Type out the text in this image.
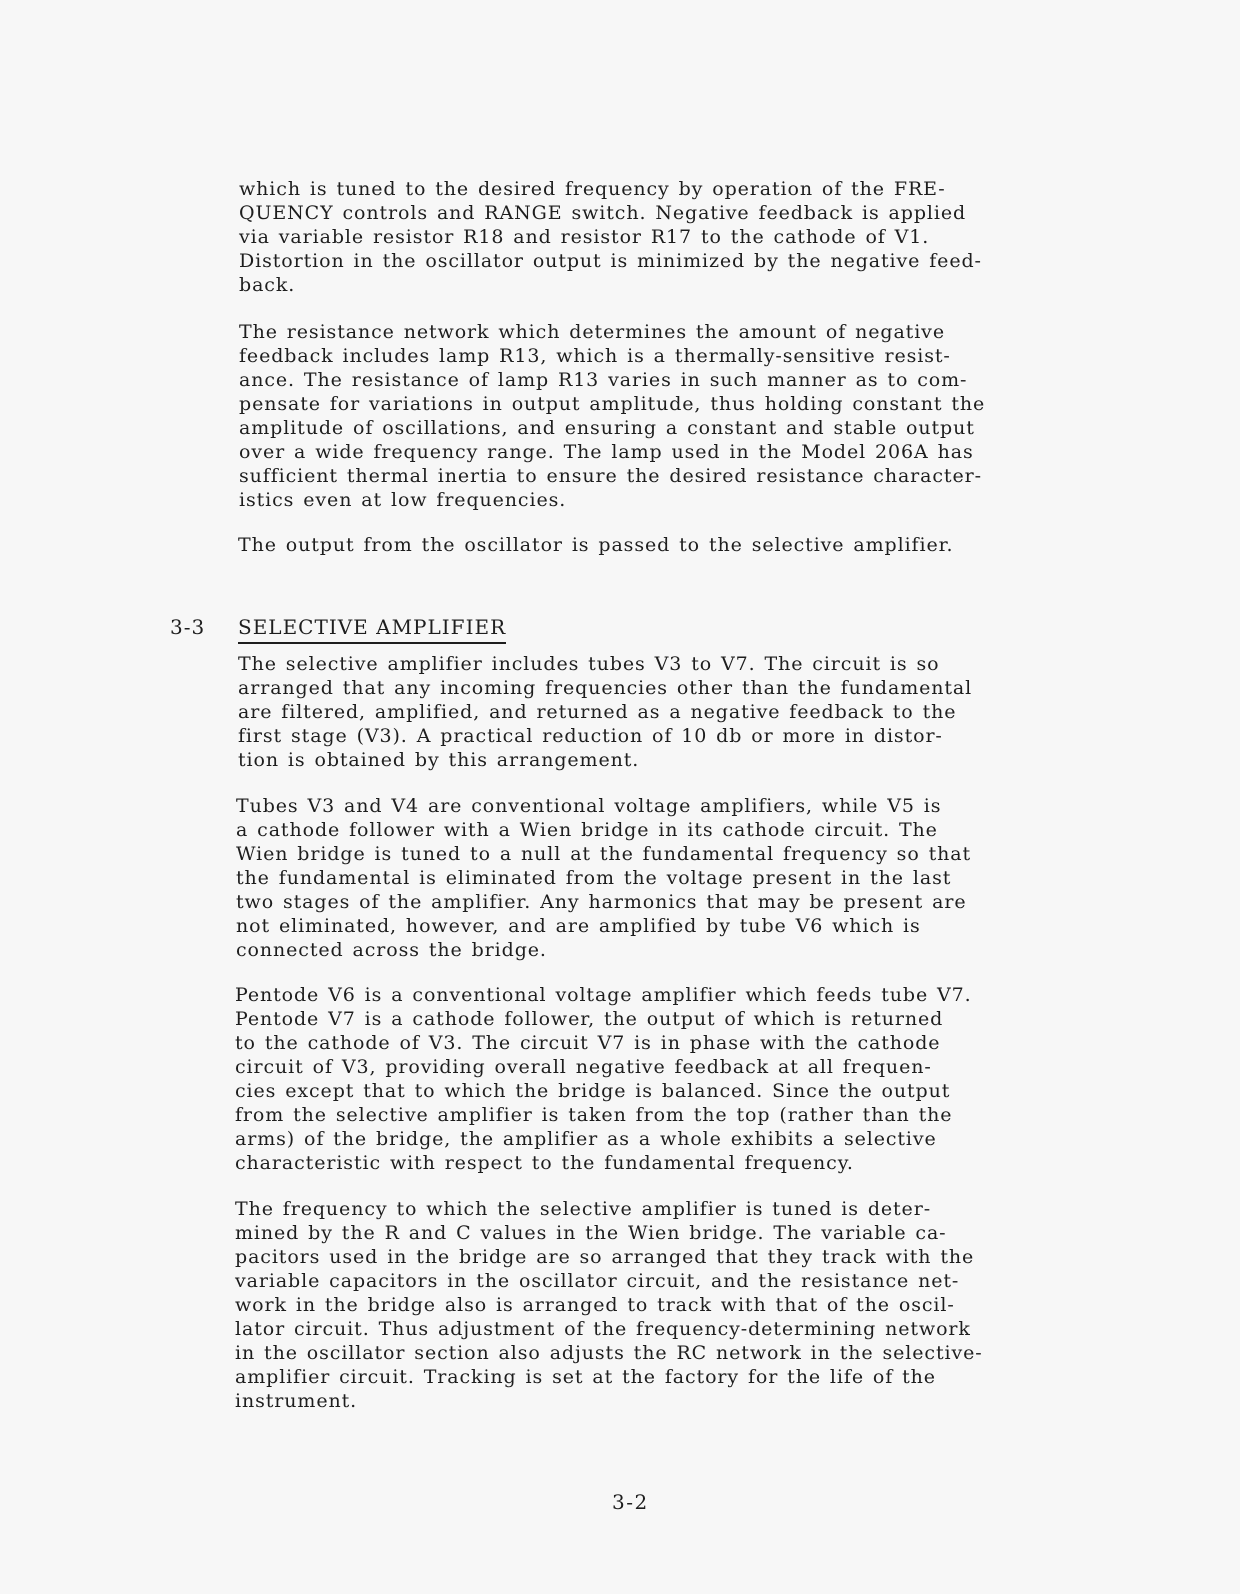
which is tuned to the desired frequency by operation of the FRE-
QUENCY controls and RANGE switch. Negative feedback is applied
via variable resistor R18 and resistor R17 to the cathode of V1.
Distortion in the oscillator output is minimized by the negative feed-
back.

The resistance network which determines the amount of negative
feedback includes lamp R13, which is a thermally-sensitive resist-
ance. The resistance of lamp R13 varies in such manner as to com-
pensate for variations in output amplitude, thus holding constant the
amplitude of oscillations, and ensuring a constant and stable output
over a wide frequency range. The lamp used in the Model 206A has
sufficient thermal inertia to ensure the desired resistance character-
istics even at low frequencies.

The output from the oscillator is passed to the selective amplifier.

3-3 SELECTIVE AMPLIFIER

The selective amplifier includes tubes V3 to V7. The circuit is so
arranged that any incoming frequencies other than the fundamental
are filtered, amplified, and returned as a negative feedback to the
first stage (V3). A practical reduction of 10 db or more in distor-
tion is obtained by this arrangement.

Tubes V3 and V4 are conventional voltage amplifiers, while V5 is
a cathode follower with a Wien bridge in its cathode circuit. The
Wien bridge is tuned to a null at the fundamental frequency so that
the fundamental is eliminated from the voltage present in the last
two stages of the amplifier. Any harmonics that may be present are
not eliminated, however, and are amplified by tube V6 which is
connected across the bridge.

Pentode V6 is a conventional voltage amplifier which feeds tube V7.
Pentode V7 is a cathode follower, the output of which is returned
to the cathode of V3. The circuit V7 is in phase with the cathode
circuit of V3, providing overall negative feedback at all frequen-
cies except that to which the bridge is balanced. Since the output
from the selective amplifier is taken from the top (rather than the
arms) of the bridge, the amplifier as a whole exhibits a selective
characteristic with respect to the fundamental frequency.

The frequency to which the selective amplifier is tuned is deter-
mined by the R and C values in the Wien bridge. The variable ca-
pacitors used in the bridge are so arranged that they track with the
variable capacitors in the oscillator circuit, and the resistance net-
work in the bridge also is arranged to track with that of the oscil-
lator circuit. Thus adjustment of the frequency-determining network
in the oscillator section also adjusts the RC network in the selective-
amplifier circuit. Tracking is set at the factory for the life of the
instrument.

3-2
